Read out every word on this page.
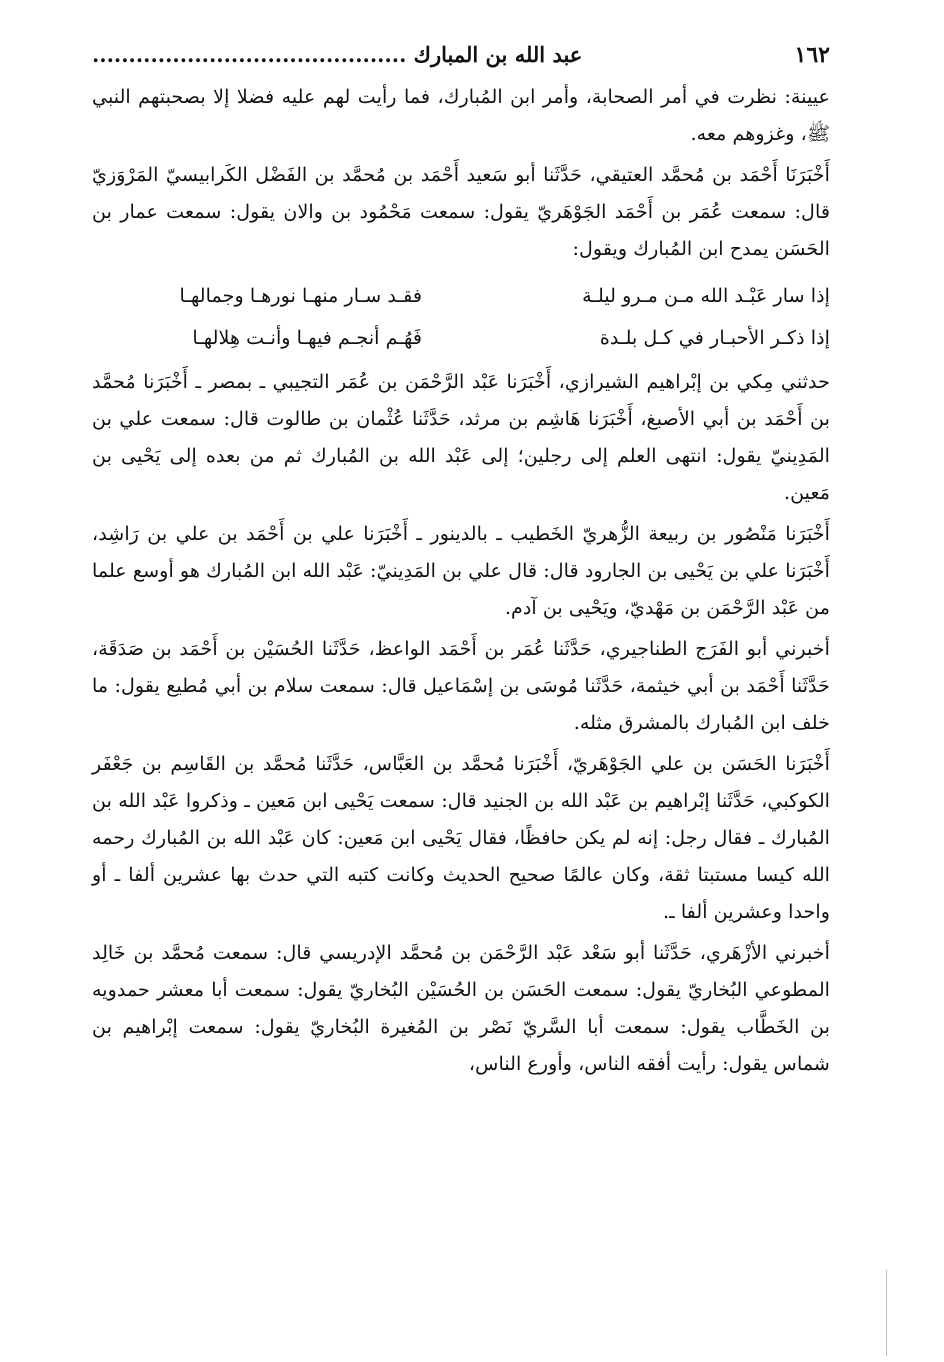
١٦٢
عبد الله بن المبارك ...........................................

عيينة: نظرت في أمر الصحابة، وأمر ابن المُبارك، فما رأيت لهم عليه فضلا إلا بصحبتهم النبي ﷺ، وغزوهم معه.

أَخْبَرَنَا أَحْمَد بن مُحمَّد العتيقي، حَدَّثَنا أبو سَعيد أَحْمَد بن مُحمَّد بن الفَضْل الكَرابيسيّ المَرْوَزيّ قال: سمعت عُمَر بن أَحْمَد الجَوْهَريّ يقول: سمعت مَحْمُود بن والان يقول: سمعت عمار بن الحَسَن يمدح ابن المُبارك ويقول:

إذا سار عَبْـد الله مـن مـرو ليلـة
فقـد سـار منهـا نورهـا وجمالهـا
إذا ذكـر الأحبـار في كـل بلـدة
فَهُـم أنجـم فيهـا وأنـت هِلالهـا

حدثني مِكي بن إبْراهيم الشيرازي، أَخْبَرَنا عَبْد الرَّحْمَن بن عُمَر التجيبي ـ بمصر ـ أَخْبَرَنا مُحمَّد بن أَحْمَد بن أبي الأصبغ، أَخْبَرَنا هَاشِم بن مرثد، حَدَّثَنا عُثْمان بن طالوت قال: سمعت علي بن المَدِينيّ يقول: انتهى العلم إلى رجلين؛ إلى عَبْد الله بن المُبارك ثم من بعده إلى يَحْيى بن مَعين.

أَخْبَرَنا مَنْصُور بن ربيعة الزُّهريّ الخَطيب ـ بالدينور ـ أَخْبَرَنا علي بن أَحْمَد بن علي بن رَاشِد، أَخْبَرَنا علي بن يَحْيى بن الجارود قال: قال علي بن المَدِينيّ: عَبْد الله ابن المُبارك هو أوسع علما من عَبْد الرَّحْمَن بن مَهْديّ، ويَحْيى بن آدم.

أخبرني أبو الفَرَج الطناجيري، حَدَّثَنا عُمَر بن أَحْمَد الواعظ، حَدَّثَنا الحُسَيْن بن أَحْمَد بن صَدَقَة، حَدَّثَنا أَحْمَد بن أبي خيثمة، حَدَّثَنا مُوسَى بن إسْمَاعيل قال: سمعت سلام بن أبي مُطيع يقول: ما خلف ابن المُبارك بالمشرق مثله.

أَخْبَرَنا الحَسَن بن علي الجَوْهَريّ، أَخْبَرَنا مُحمَّد بن العَبَّاس، حَدَّثَنا مُحمَّد بن القَاسِم بن جَعْفَر الكوكبي، حَدَّثَنا إبْراهيم بن عَبْد الله بن الجنيد قال: سمعت يَحْيى ابن مَعين ـ وذكروا عَبْد الله بن المُبارك ـ فقال رجل: إنه لم يكن حافظًا، فقال يَحْيى ابن مَعين: كان عَبْد الله بن المُبارك رحمه الله كيسا مستبتا ثقة، وكان عالمًا صحيح الحديث وكانت كتبه التي حدث بها عشرين ألفا ـ أو واحدا وعشرين ألفا ـ.

أخبرني الأزْهَري، حَدَّثَنا أبو سَعْد عَبْد الرَّحْمَن بن مُحمَّد الإدريسي قال: سمعت مُحمَّد بن خَالِد المطوعي البُخاريّ يقول: سمعت الحَسَن بن الحُسَيْن البُخاريّ يقول: سمعت أبا معشر حمدويه بن الخَطَّاب يقول: سمعت أبا السَّريّ نَصْر بن المُغيرة البُخاريّ يقول: سمعت إبْراهيم بن شماس يقول: رأيت أفقه الناس، وأورع الناس،
